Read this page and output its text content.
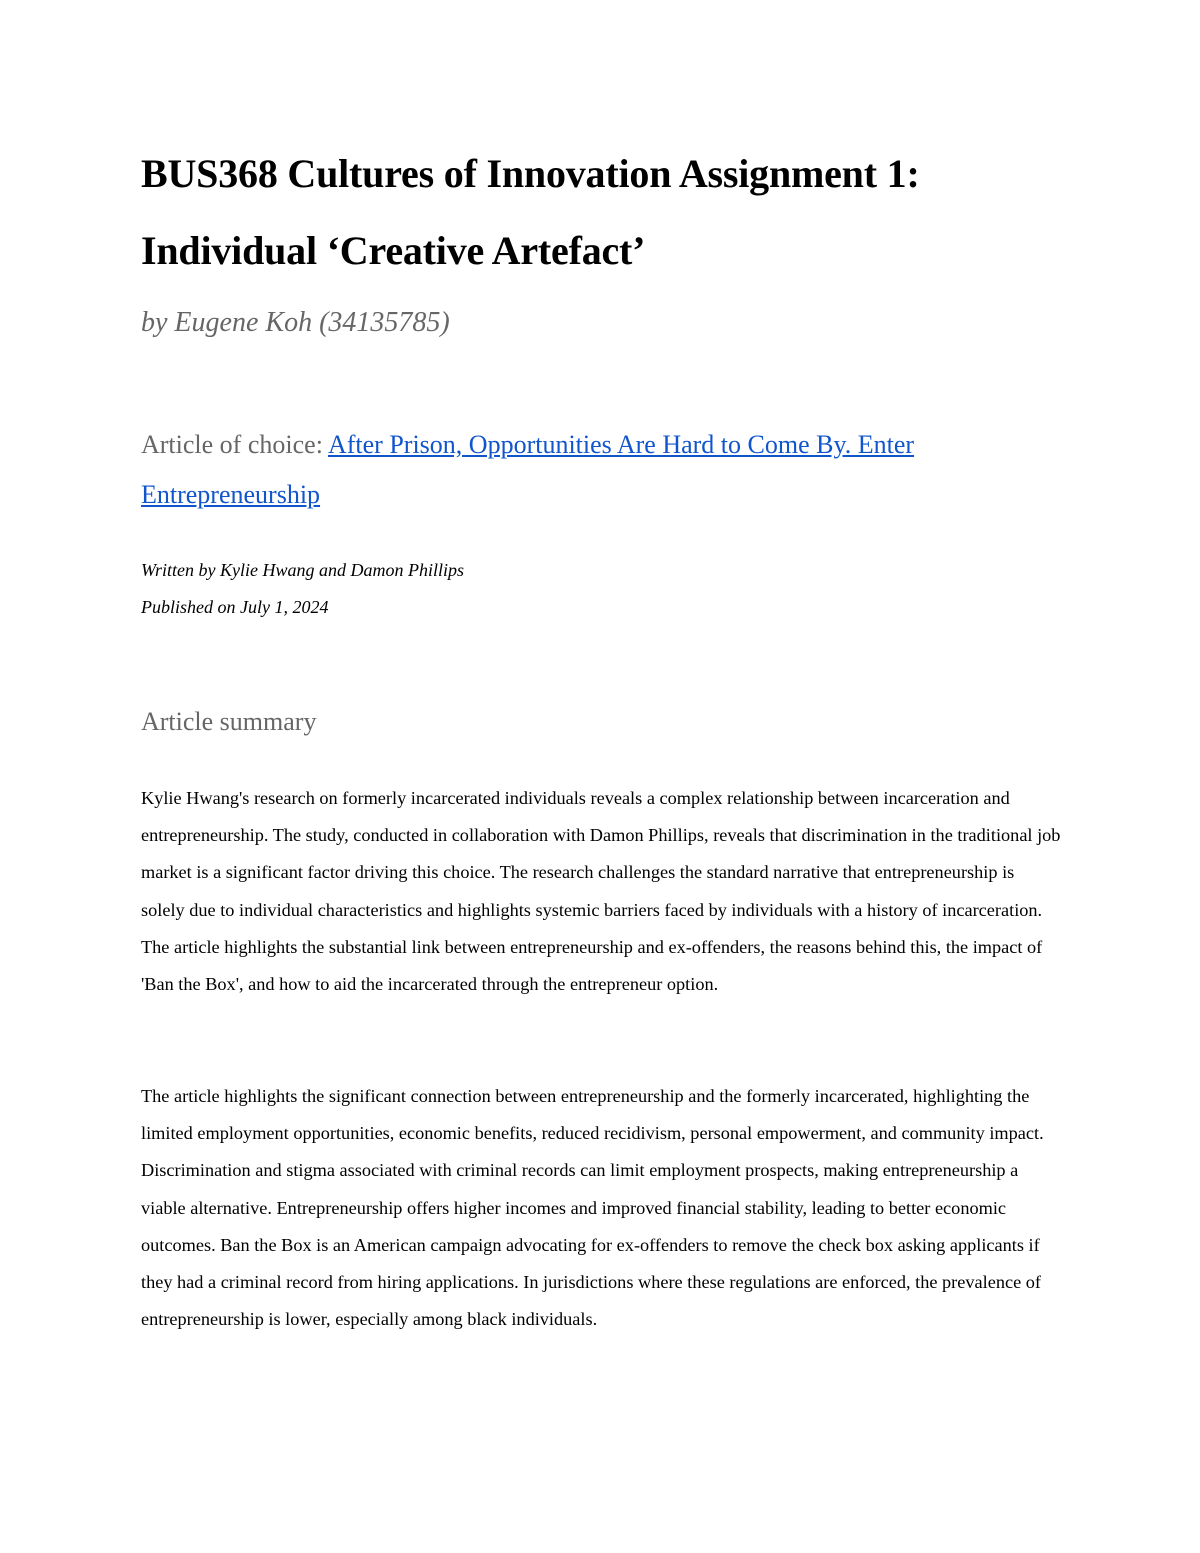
BUS368 Cultures of Innovation Assignment 1: Individual ‘Creative Artefact’

by Eugene Koh (34135785)

Article of choice: After Prison, Opportunities Are Hard to Come By. Enter Entrepreneurship

Written by Kylie Hwang and Damon Phillips
Published on July 1, 2024

Article summary

Kylie Hwang's research on formerly incarcerated individuals reveals a complex relationship between incarceration and entrepreneurship. The study, conducted in collaboration with Damon Phillips, reveals that discrimination in the traditional job market is a significant factor driving this choice. The research challenges the standard narrative that entrepreneurship is solely due to individual characteristics and highlights systemic barriers faced by individuals with a history of incarceration. The article highlights the substantial link between entrepreneurship and ex-offenders, the reasons behind this, the impact of 'Ban the Box', and how to aid the incarcerated through the entrepreneur option.

The article highlights the significant connection between entrepreneurship and the formerly incarcerated, highlighting the limited employment opportunities, economic benefits, reduced recidivism, personal empowerment, and community impact. Discrimination and stigma associated with criminal records can limit employment prospects, making entrepreneurship a viable alternative. Entrepreneurship offers higher incomes and improved financial stability, leading to better economic outcomes. Ban the Box is an American campaign advocating for ex-offenders to remove the check box asking applicants if they had a criminal record from hiring applications. In jurisdictions where these regulations are enforced, the prevalence of entrepreneurship is lower, especially among black individuals.
